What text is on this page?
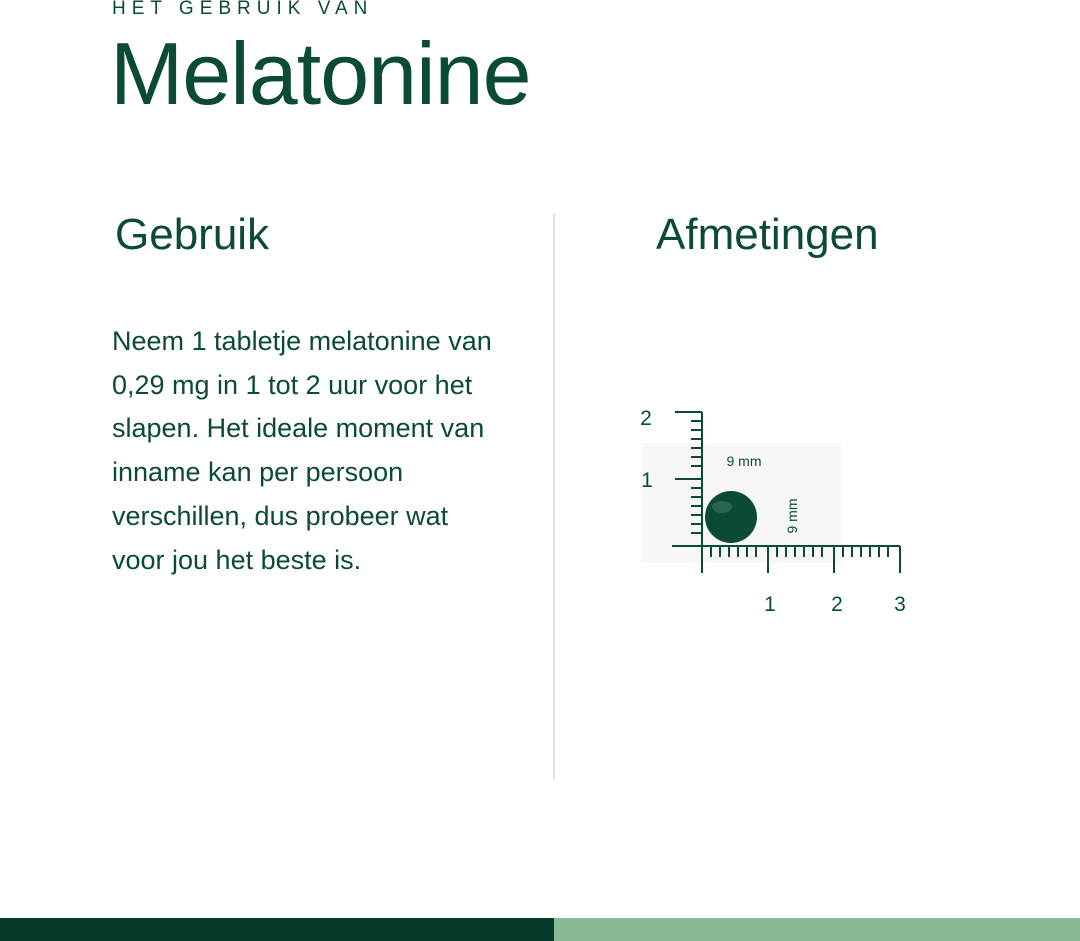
HET GEBRUIK VAN
Melatonine
Gebruik	Afmetingen

Neem 1 tabletje melatonine van 0,29 mg in 1 tot 2 uur voor het slapen. Het ideale moment van inname kan per persoon verschillen, dus probeer wat voor jou het beste is.

2
1
1	2 3
9 mm
9 mm
